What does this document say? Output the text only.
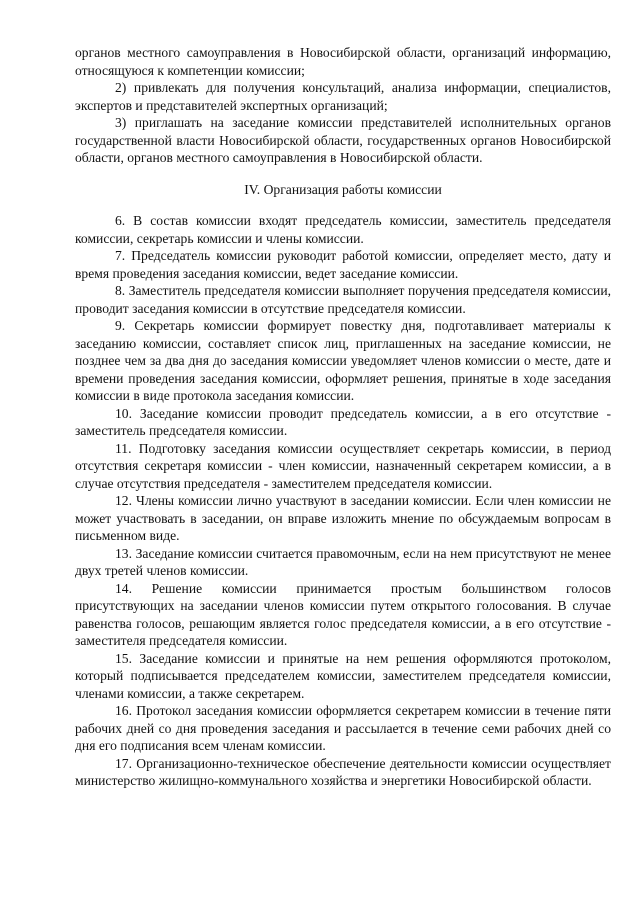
органов местного самоуправления в Новосибирской области, организаций информацию, относящуюся к компетенции комиссии;

2) привлекать для получения консультаций, анализа информации, специалистов, экспертов и представителей экспертных организаций;

3) приглашать на заседание комиссии представителей исполнительных органов государственной власти Новосибирской области, государственных органов Новосибирской области, органов местного самоуправления в Новосибирской области.

IV. Организация работы комиссии

6. В состав комиссии входят председатель комиссии, заместитель председателя комиссии, секретарь комиссии и члены комиссии.

7. Председатель комиссии руководит работой комиссии, определяет место, дату и время проведения заседания комиссии, ведет заседание комиссии.

8. Заместитель председателя комиссии выполняет поручения председателя комиссии, проводит заседания комиссии в отсутствие председателя комиссии.

9. Секретарь комиссии формирует повестку дня, подготавливает материалы к заседанию комиссии, составляет список лиц, приглашенных на заседание комиссии, не позднее чем за два дня до заседания комиссии уведомляет членов комиссии о месте, дате и времени проведения заседания комиссии, оформляет решения, принятые в ходе заседания комиссии в виде протокола заседания комиссии.

10. Заседание комиссии проводит председатель комиссии, а в его отсутствие - заместитель председателя комиссии.

11. Подготовку заседания комиссии осуществляет секретарь комиссии, в период отсутствия секретаря комиссии - член комиссии, назначенный секретарем комиссии, а в случае отсутствия председателя - заместителем председателя комиссии.

12. Члены комиссии лично участвуют в заседании комиссии. Если член комиссии не может участвовать в заседании, он вправе изложить мнение по обсуждаемым вопросам в письменном виде.

13. Заседание комиссии считается правомочным, если на нем присутствуют не менее двух третей членов комиссии.

14. Решение комиссии принимается простым большинством голосов присутствующих на заседании членов комиссии путем открытого голосования. В случае равенства голосов, решающим является голос председателя комиссии, а в его отсутствие - заместителя председателя комиссии.

15. Заседание комиссии и принятые на нем решения оформляются протоколом, который подписывается председателем комиссии, заместителем председателя комиссии, членами комиссии, а также секретарем.

16. Протокол заседания комиссии оформляется секретарем комиссии в течение пяти рабочих дней со дня проведения заседания и рассылается в течение семи рабочих дней со дня его подписания всем членам комиссии.

17. Организационно-техническое обеспечение деятельности комиссии осуществляет министерство жилищно-коммунального хозяйства и энергетики Новосибирской области.
